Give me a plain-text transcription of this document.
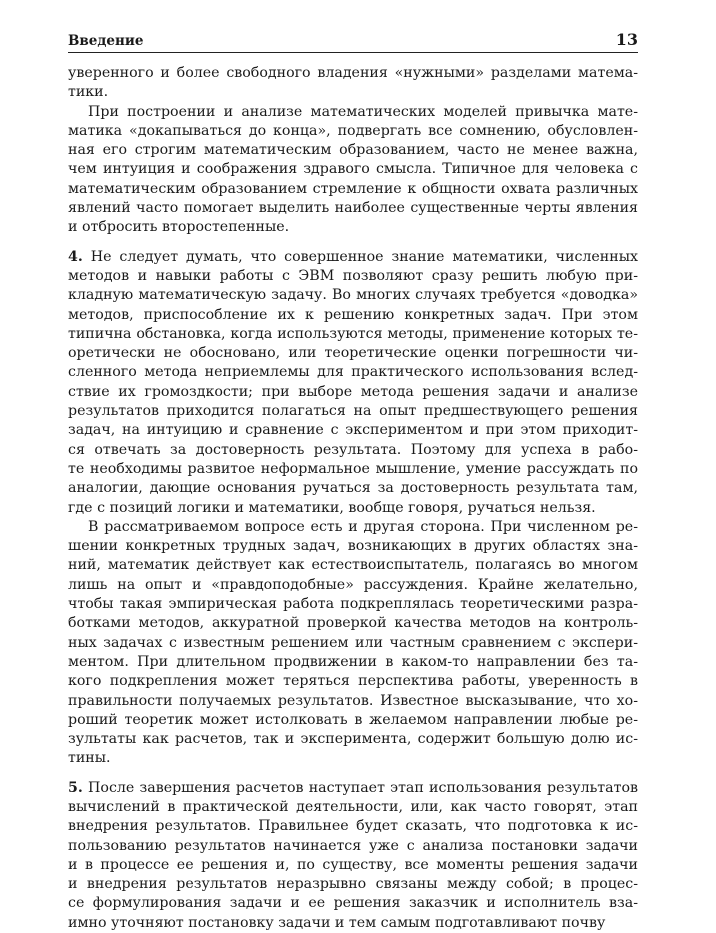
Введение	13
уверенного и более свободного владения «нужными» разделами матема-
тики.
При построении и анализе математических моделей привычка мате-
матика «докапываться до конца», подвергать все сомнению, обусловлен-
ная его строгим математическим образованием, часто не менее важна,
чем интуиция и соображения здравого смысла. Типичное для человека с
математическим образованием стремление к общности охвата различных
явлений часто помогает выделить наиболее существенные черты явления
и отбросить второстепенные.
4. Не следует думать, что совершенное знание математики, численных
методов и навыки работы с ЭВМ позволяют сразу решить любую при-
кладную математическую задачу. Во многих случаях требуется «доводка»
методов, приспособление их к решению конкретных задач. При этом
типична обстановка, когда используются методы, применение которых те-
оретически не обосновано, или теоретические оценки погрешности чи-
сленного метода неприемлемы для практического использования вслед-
ствие их громоздкости; при выборе метода решения задачи и анализе
результатов приходится полагаться на опыт предшествующего решения
задач, на интуицию и сравнение с экспериментом и при этом приходит-
ся отвечать за достоверность результата. Поэтому для успеха в рабо-
те необходимы развитое неформальное мышление, умение рассуждать по
аналогии, дающие основания ручаться за достоверность результата там,
где с позиций логики и математики, вообще говоря, ручаться нельзя.
В рассматриваемом вопросе есть и другая сторона. При численном ре-
шении конкретных трудных задач, возникающих в других областях зна-
ний, математик действует как естествоиспытатель, полагаясь во многом
лишь на опыт и «правдоподобные» рассуждения. Крайне желательно,
чтобы такая эмпирическая работа подкреплялась теоретическими разра-
ботками методов, аккуратной проверкой качества методов на контроль-
ных задачах с известным решением или частным сравнением с экспери-
ментом. При длительном продвижении в каком-то направлении без та-
кого подкрепления может теряться перспектива работы, уверенность в
правильности получаемых результатов. Известное высказывание, что хо-
роший теоретик может истолковать в желаемом направлении любые ре-
зультаты как расчетов, так и эксперимента, содержит большую долю ис-
тины.
5. После завершения расчетов наступает этап использования результатов
вычислений в практической деятельности, или, как часто говорят, этап
внедрения результатов. Правильнее будет сказать, что подготовка к ис-
пользованию результатов начинается уже с анализа постановки задачи
и в процессе ее решения и, по существу, все моменты решения задачи
и внедрения результатов неразрывно связаны между собой; в процес-
се формулирования задачи и ее решения заказчик и исполнитель вза-
имно уточняют постановку задачи и тем самым подготавливают почву
